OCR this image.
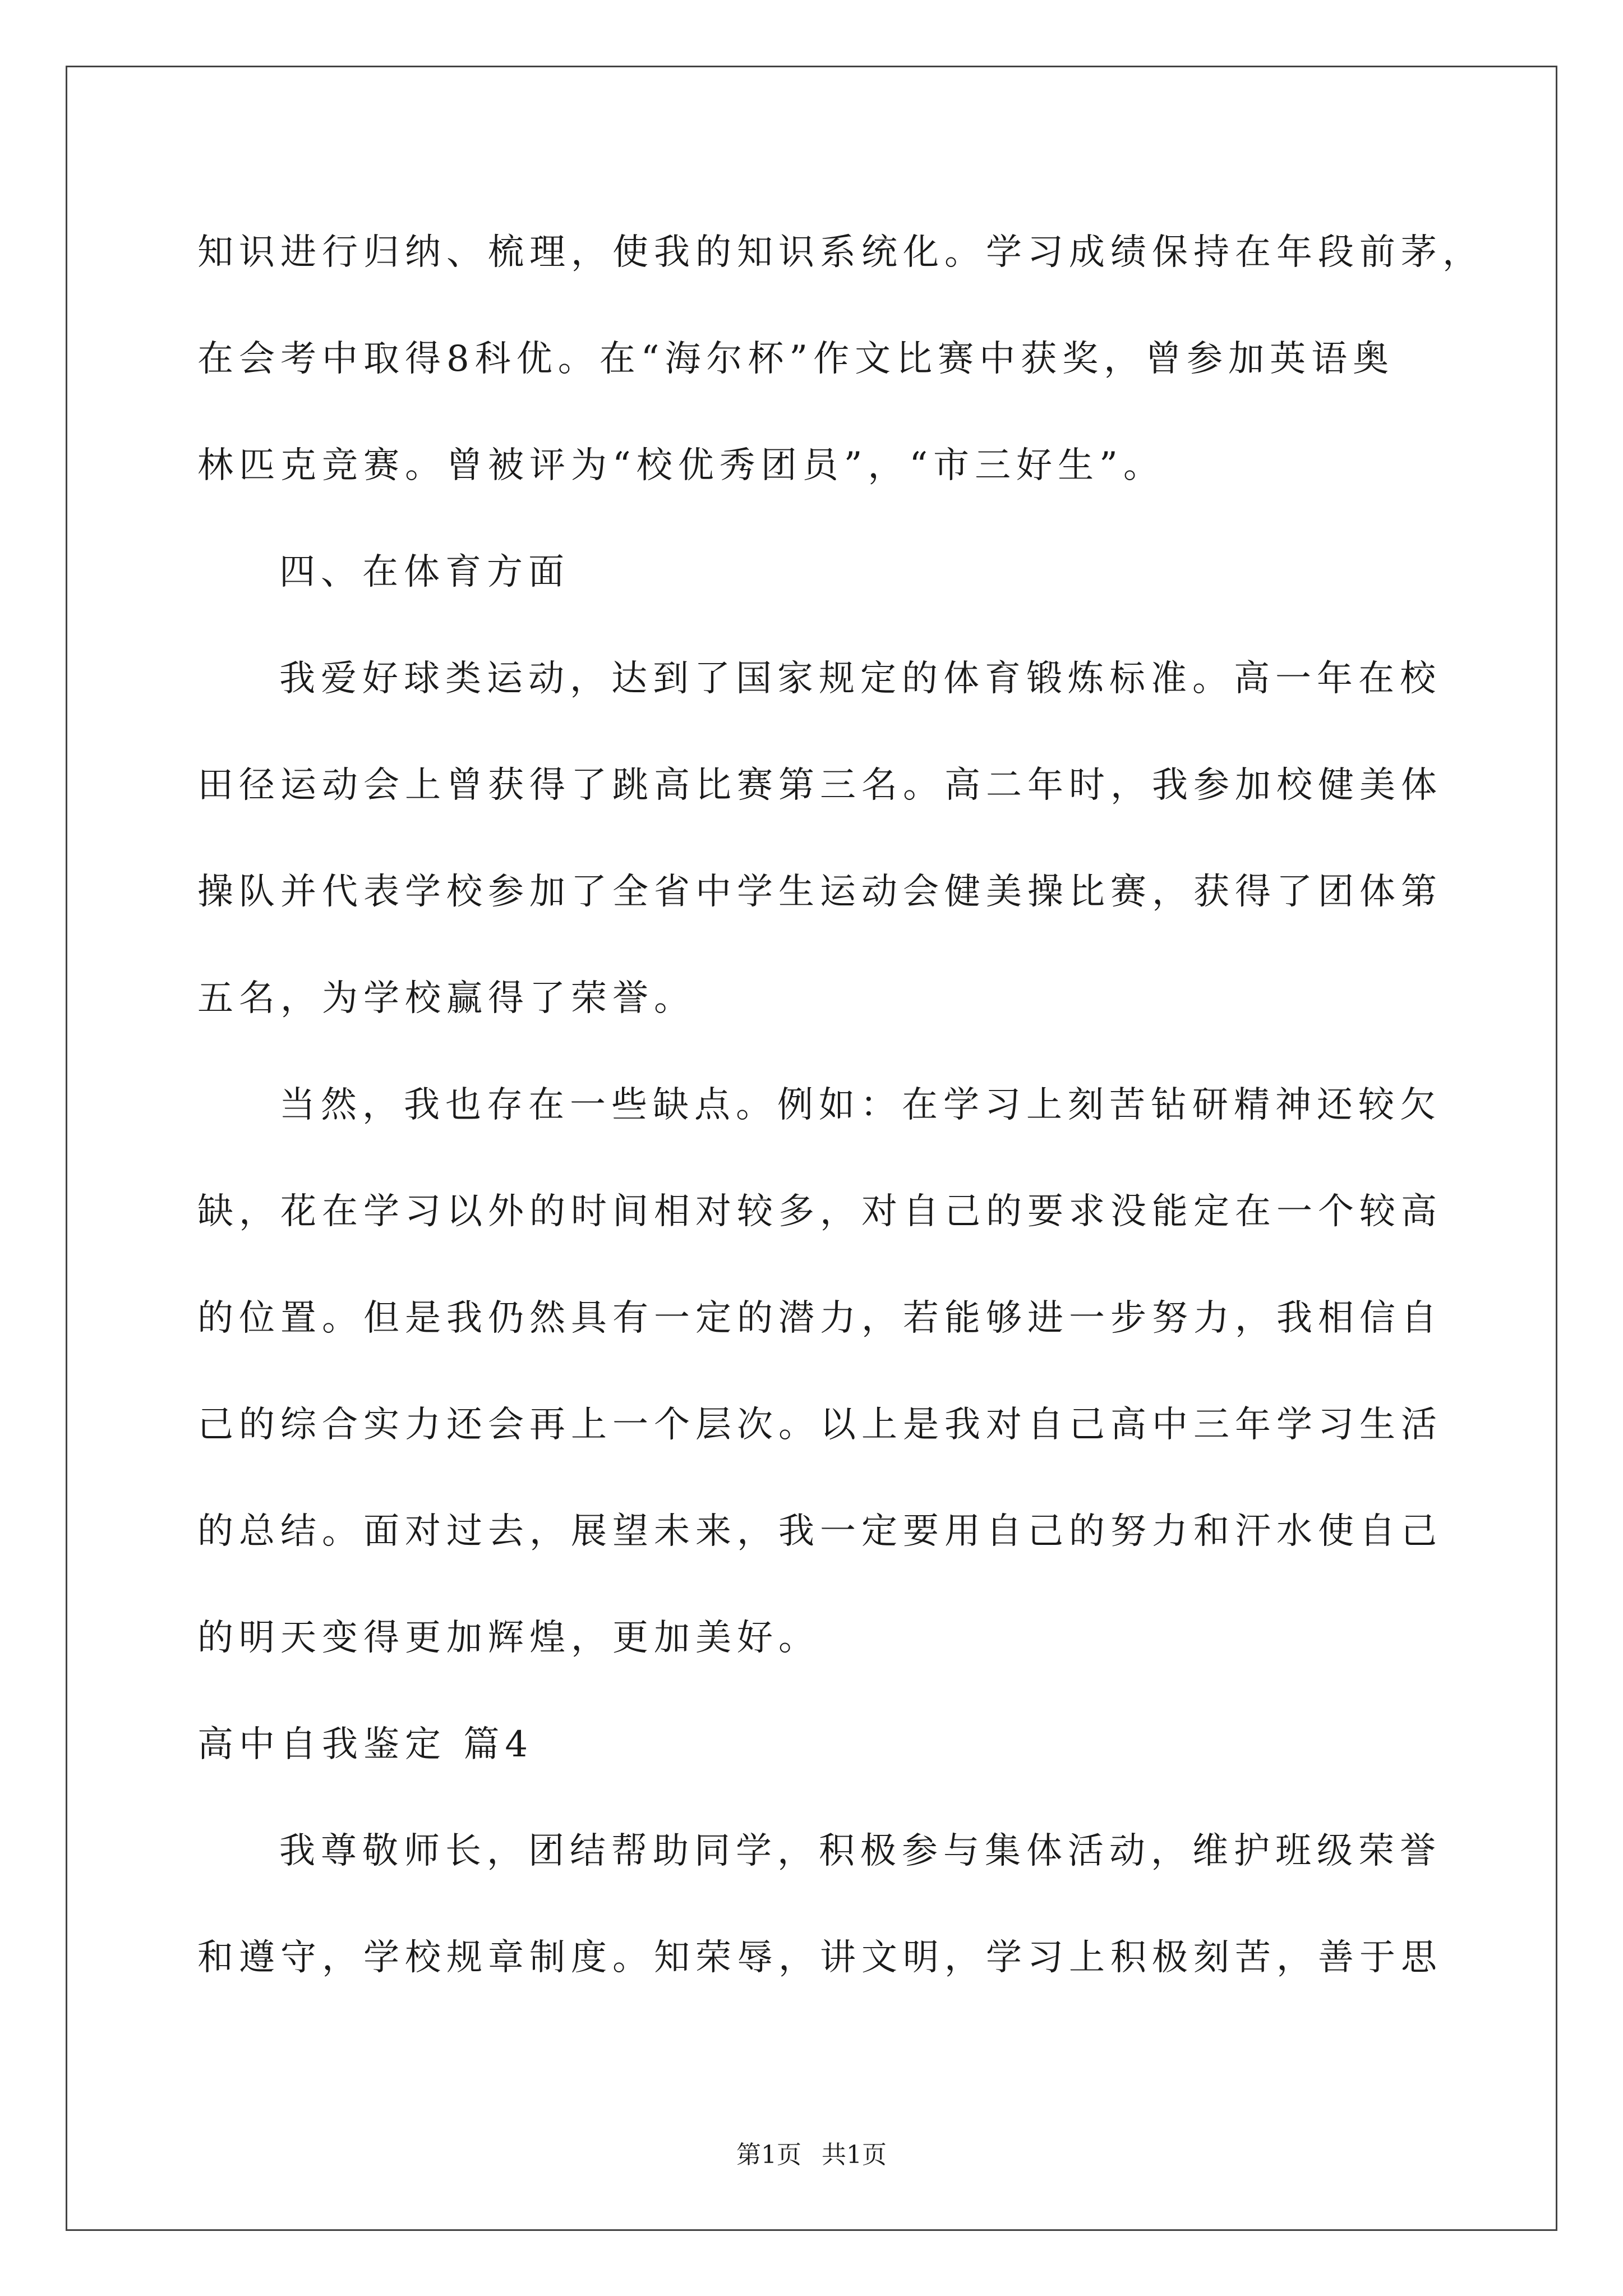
知识进行归纳、梳理，使我的知识系统化。学习成绩保持在年段前茅，
在会考中取得8科优。在“海尔杯”作文比赛中获奖，曾参加英语奥
林匹克竞赛。曾被评为“校优秀团员”，“市三好生”。
四、在体育方面
我爱好球类运动，达到了国家规定的体育锻炼标准。高一年在校
田径运动会上曾获得了跳高比赛第三名。高二年时，我参加校健美体
操队并代表学校参加了全省中学生运动会健美操比赛，获得了团体第
五名，为学校赢得了荣誉。
当然，我也存在一些缺点。例如：在学习上刻苦钻研精神还较欠
缺，花在学习以外的时间相对较多，对自己的要求没能定在一个较高
的位置。但是我仍然具有一定的潜力，若能够进一步努力，我相信自
己的综合实力还会再上一个层次。以上是我对自己高中三年学习生活
的总结。面对过去，展望未来，我一定要用自己的努力和汗水使自己
的明天变得更加辉煌，更加美好。
高中自我鉴定 篇4
我尊敬师长，团结帮助同学，积极参与集体活动，维护班级荣誉
和遵守，学校规章制度。知荣辱，讲文明，学习上积极刻苦，善于思
第1页 共1页
